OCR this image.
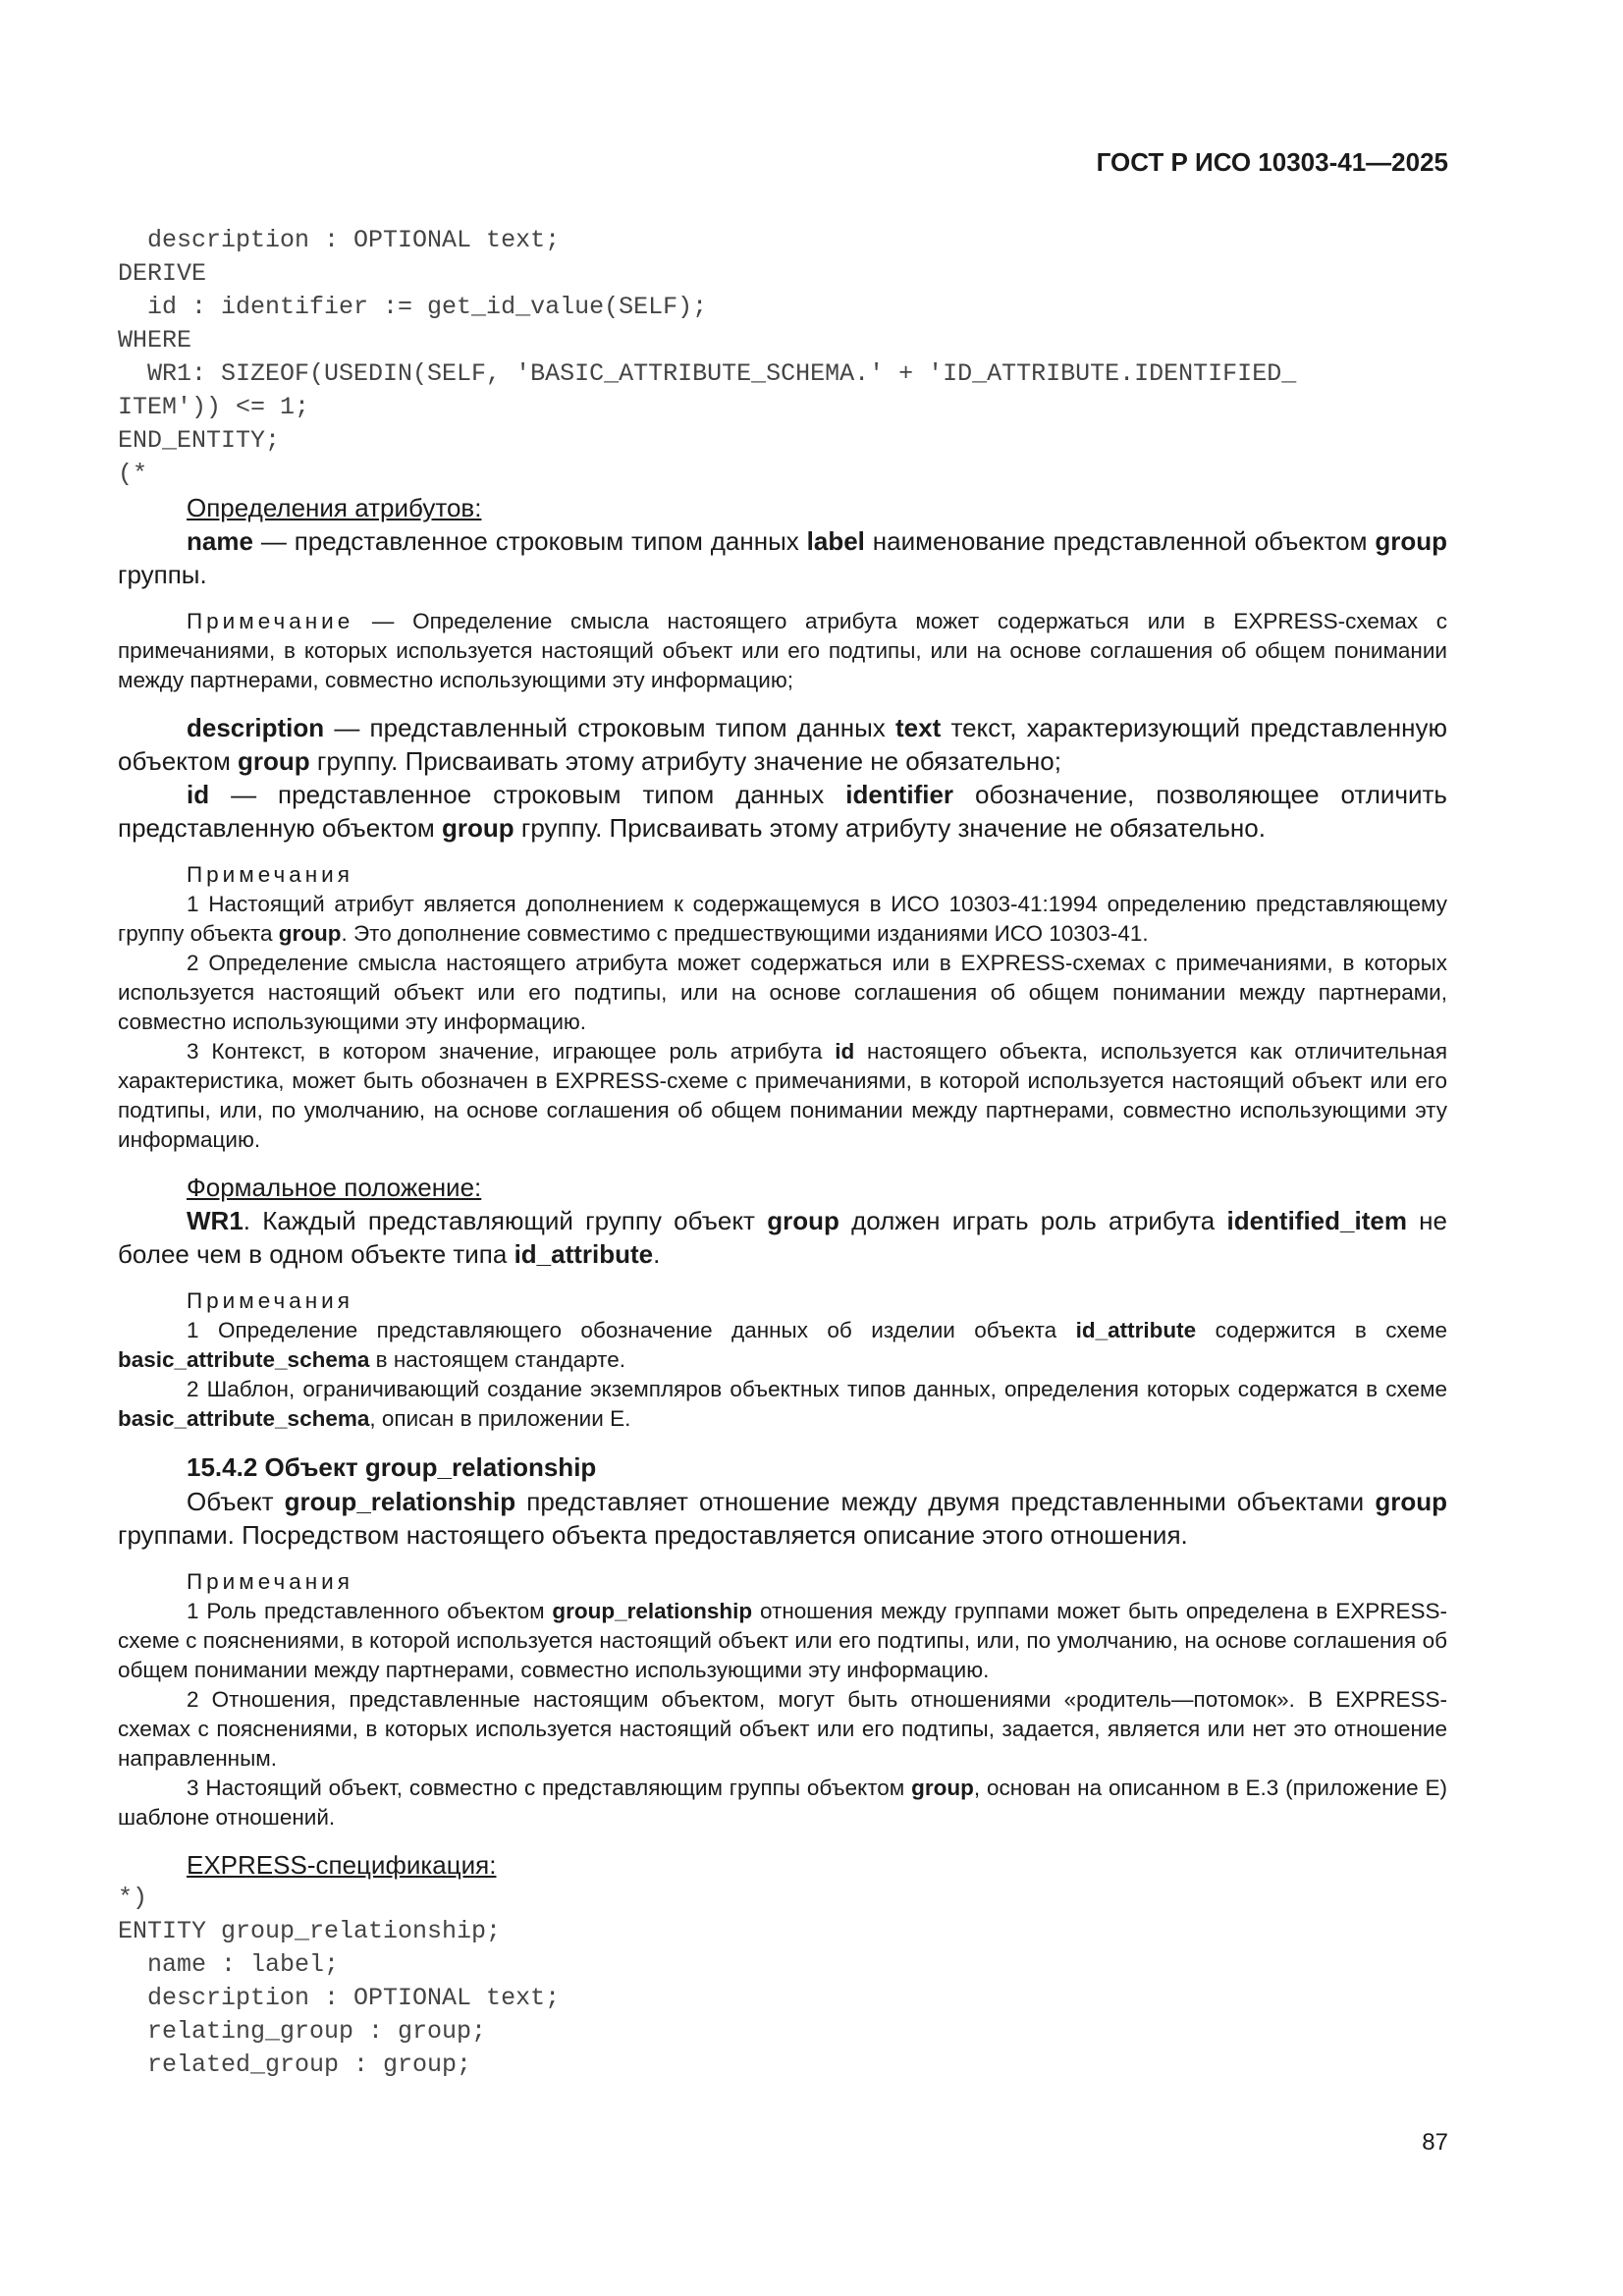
ГОСТ Р ИСО 10303-41—2025
description : OPTIONAL text;
DERIVE
id : identifier := get_id_value(SELF);
WHERE
WR1: SIZEOF(USEDIN(SELF, 'BASIC_ATTRIBUTE_SCHEMA.' + 'ID_ATTRIBUTE.IDENTIFIED_
ITEM')) <= 1;
END_ENTITY;
(*
Определения атрибутов:

name — представленное строковым типом данных label наименование представленной объектом group группы.

Примечание — Определение смысла настоящего атрибута может содержаться или в EXPRESS-схемах с примечаниями, в которых используется настоящий объект или его подтипы, или на основе соглашения об общем понимании между партнерами, совместно использующими эту информацию;

description — представленный строковым типом данных text текст, характеризующий представленную объектом group группу. Присваивать этому атрибуту значение не обязательно;

id — представленное строковым типом данных identifier обозначение, позволяющее отличить представленную объектом group группу. Присваивать этому атрибуту значение не обязательно.

Примечания

1 Настоящий атрибут является дополнением к содержащемуся в ИСО 10303-41:1994 определению представляющему группу объекта group. Это дополнение совместимо с предшествующими изданиями ИСО 10303-41.

2 Определение смысла настоящего атрибута может содержаться или в EXPRESS-схемах с примечаниями, в которых используется настоящий объект или его подтипы, или на основе соглашения об общем понимании между партнерами, совместно использующими эту информацию.

3 Контекст, в котором значение, играющее роль атрибута id настоящего объекта, используется как отличительная характеристика, может быть обозначен в EXPRESS-схеме с примечаниями, в которой используется настоящий объект или его подтипы, или, по умолчанию, на основе соглашения об общем понимании между партнерами, совместно использующими эту информацию.

Формальное положение:

WR1. Каждый представляющий группу объект group должен играть роль атрибута identified_item не более чем в одном объекте типа id_attribute.

Примечания

1 Определение представляющего обозначение данных об изделии объекта id_attribute содержится в схеме basic_attribute_schema в настоящем стандарте.

2 Шаблон, ограничивающий создание экземпляров объектных типов данных, определения которых содержатся в схеме basic_attribute_schema, описан в приложении E.

15.4.2 Объект group_relationship

Объект group_relationship представляет отношение между двумя представленными объектами group группами. Посредством настоящего объекта предоставляется описание этого отношения.

Примечания

1 Роль представленного объектом group_relationship отношения между группами может быть определена в EXPRESS-схеме с пояснениями, в которой используется настоящий объект или его подтипы, или, по умолчанию, на основе соглашения об общем понимании между партнерами, совместно использующими эту информацию.

2 Отношения, представленные настоящим объектом, могут быть отношениями «родитель—потомок». В EXPRESS-схемах с пояснениями, в которых используется настоящий объект или его подтипы, задается, является или нет это отношение направленным.

3 Настоящий объект, совместно с представляющим группы объектом group, основан на описанном в E.3 (приложение E) шаблоне отношений.

EXPRESS-спецификация:
*)
ENTITY group_relationship;
name : label;
description : OPTIONAL text;
relating_group : group;
related_group : group;
87
